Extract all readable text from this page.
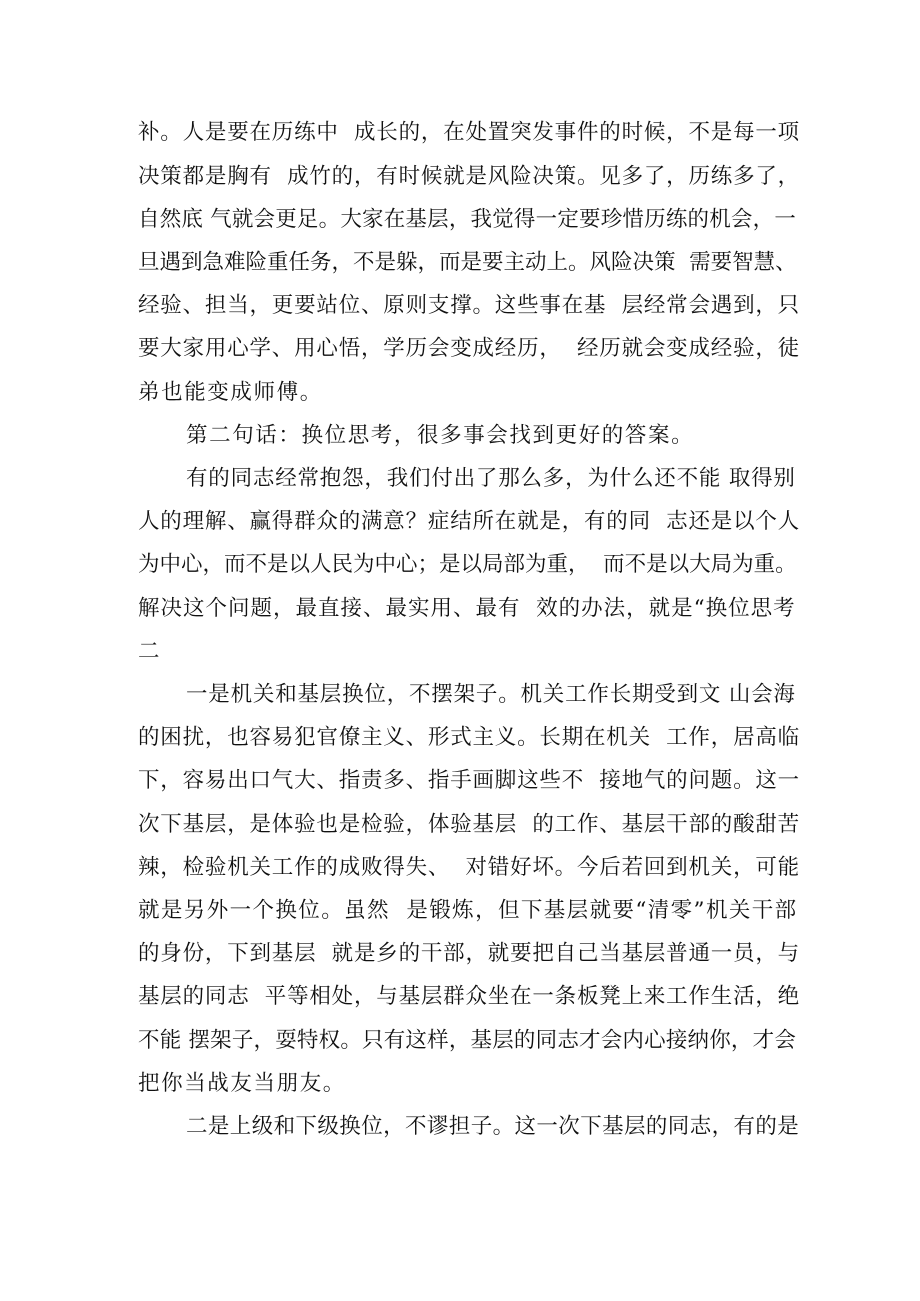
补。人是要在历练中  成长的，在处置突发事件的时候，不是每一项
决策都是胸有  成竹的，有时候就是风险决策。见多了，历练多了，
自然底 气就会更足。大家在基层，我觉得一定要珍惜历练的机会，一
旦遇到急难险重任务，不是躲，而是要主动上。风险决策  需要智慧、
经验、担当，更要站位、原则支撑。这些事在基  层经常会遇到，只
要大家用心学、用心悟，学历会变成经历，  经历就会变成经验，徒
弟也能变成师傅。
第二句话：换位思考，很多事会找到更好的答案。
有的同志经常抱怨，我们付出了那么多，为什么还不能 取得别
人的理解、赢得群众的满意？症结所在就是，有的同  志还是以个人
为中心，而不是以人民为中心；是以局部为重，  而不是以大局为重。
解决这个问题，最直接、最实用、最有  效的办法，就是“换位思考
二
一是机关和基层换位，不摆架子。机关工作长期受到文 山会海
的困扰，也容易犯官僚主义、形式主义。长期在机关  工作，居高临
下，容易出口气大、指责多、指手画脚这些不  接地气的问题。这一
次下基层，是体验也是检验，体验基层  的工作、基层干部的酸甜苦
辣，检验机关工作的成败得失、  对错好坏。今后若回到机关，可能
就是另外一个换位。虽然  是锻炼，但下基层就要“清零”机关干部
的身份，下到基层  就是乡的干部，就要把自己当基层普通一员，与
基层的同志  平等相处，与基层群众坐在一条板凳上来工作生活，绝
不能 摆架子，耍特权。只有这样，基层的同志才会内心接纳你，才会
把你当战友当朋友。
二是上级和下级换位，不谬担子。这一次下基层的同志，有的是
